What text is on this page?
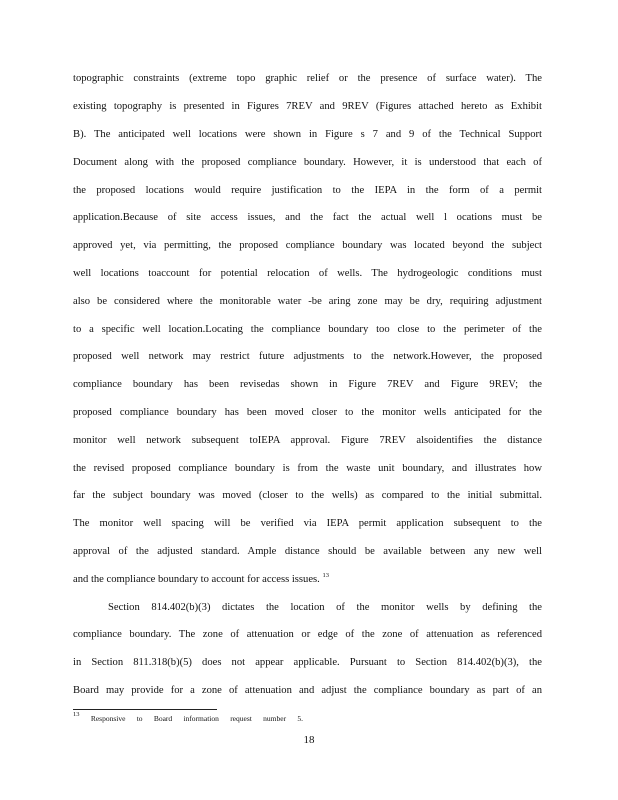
topographic constraints (extreme topo graphic relief or the presence of surface water). The
existing topography is presented in Figures 7REV and 9REV (Figures attached hereto as Exhibit
B). The anticipated well locations were shown in Figure s 7 and 9 of the Technical Support
Document along with the proposed compliance boundary. However, it is understood that each of
the proposed locations would require justification to the IEPA in the form of a permit
application.Because of site access issues, and the fact the actual well l ocations must be
approved yet, via permitting, the proposed compliance boundary was located beyond the subject
well locations toaccount for potential relocation of wells. The hydrogeologic conditions must
also be considered where the monitorable water -be aring zone may be dry, requiring adjustment
to a specific well location.Locating the compliance boundary too close to the perimeter of the
proposed well network may restrict future adjustments to the network.However, the proposed
compliance boundary has been revisedas shown in Figure 7REV and Figure 9REV; the
proposed compliance boundary has been moved closer to the monitor wells anticipated for the
monitor well network subsequent toIEPA approval. Figure 7REV alsoidentifies the distance
the revised proposed compliance boundary is from the waste unit boundary, and illustrates how
far the subject boundary was moved (closer to the wells) as compared to the initial submittal.
The monitor well spacing will be verified via IEPA permit application subsequent to the
approval of the adjusted standard. Ample distance should be available between any new well
and the compliance boundary to account for access issues. $^{13}$
Section 814.402(b)(3) dictates the location of the monitor wells by defining the
compliance boundary. The zone of attenuation or edge of the zone of attenuation as referenced
in Section 811.318(b)(5) does not appear applicable. Pursuant to Section 814.402(b)(3), the
Board may provide for a zone of attenuation and adjust the compliance boundary as part of an
$^{13}$ Responsive to Board information request number 5.
18
